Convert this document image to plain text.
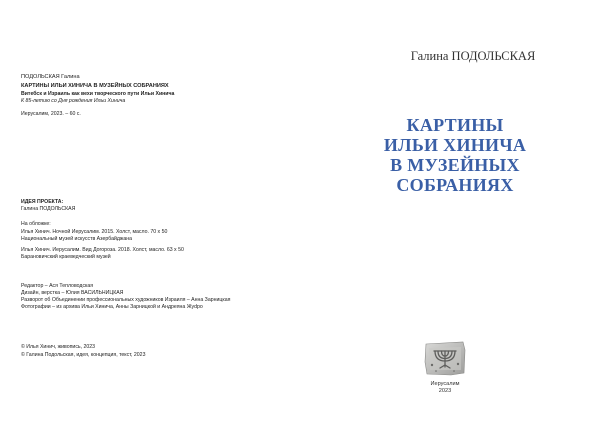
ПОДОЛЬСКАЯ Галина
КАРТИНЫ ИЛЬИ ХИНИЧА В МУЗЕЙНЫХ СОБРАНИЯХ
Витебск и Израиль как вехи творческого пути Ильи Хинича
К 85-летию со Дня рождения Ильи Хинича
Иерусалим, 2023. – 60 с.
ИДЕЯ ПРОЕКТА:
Галина ПОДОЛЬСКАЯ
На обложке:
Илья Хинич. Ночной Иерусалим. 2015. Холст, масло. 70 х 50
Национальный музей искусств Азербайджана
Илья Хинич. Иерусалим. Вид Догороза. 2018. Холст, масло. 63 х 50
Барановичский краеведческий музей
Редактор – Ася Тепловодская
Дизайн, верстка – Юлия ВАСИЛЬНИЦКАЯ
Разворот об Объединении профессиональных художников Израиля – Анна Зарницкая
Фотографии – из архива Ильи Хинича, Анны Зарницкой и Андреяна Жуdро
© Илья Хинич, живопись, 2023
© Галина Подольская, идея, концепция, текст, 2023
Галина ПОДОЛЬСКАЯ
КАРТИНЫ
ИЛЬИ ХИНИЧА
В МУЗЕЙНЫХ
СОБРАНИЯХ
Иерусалим
2023
